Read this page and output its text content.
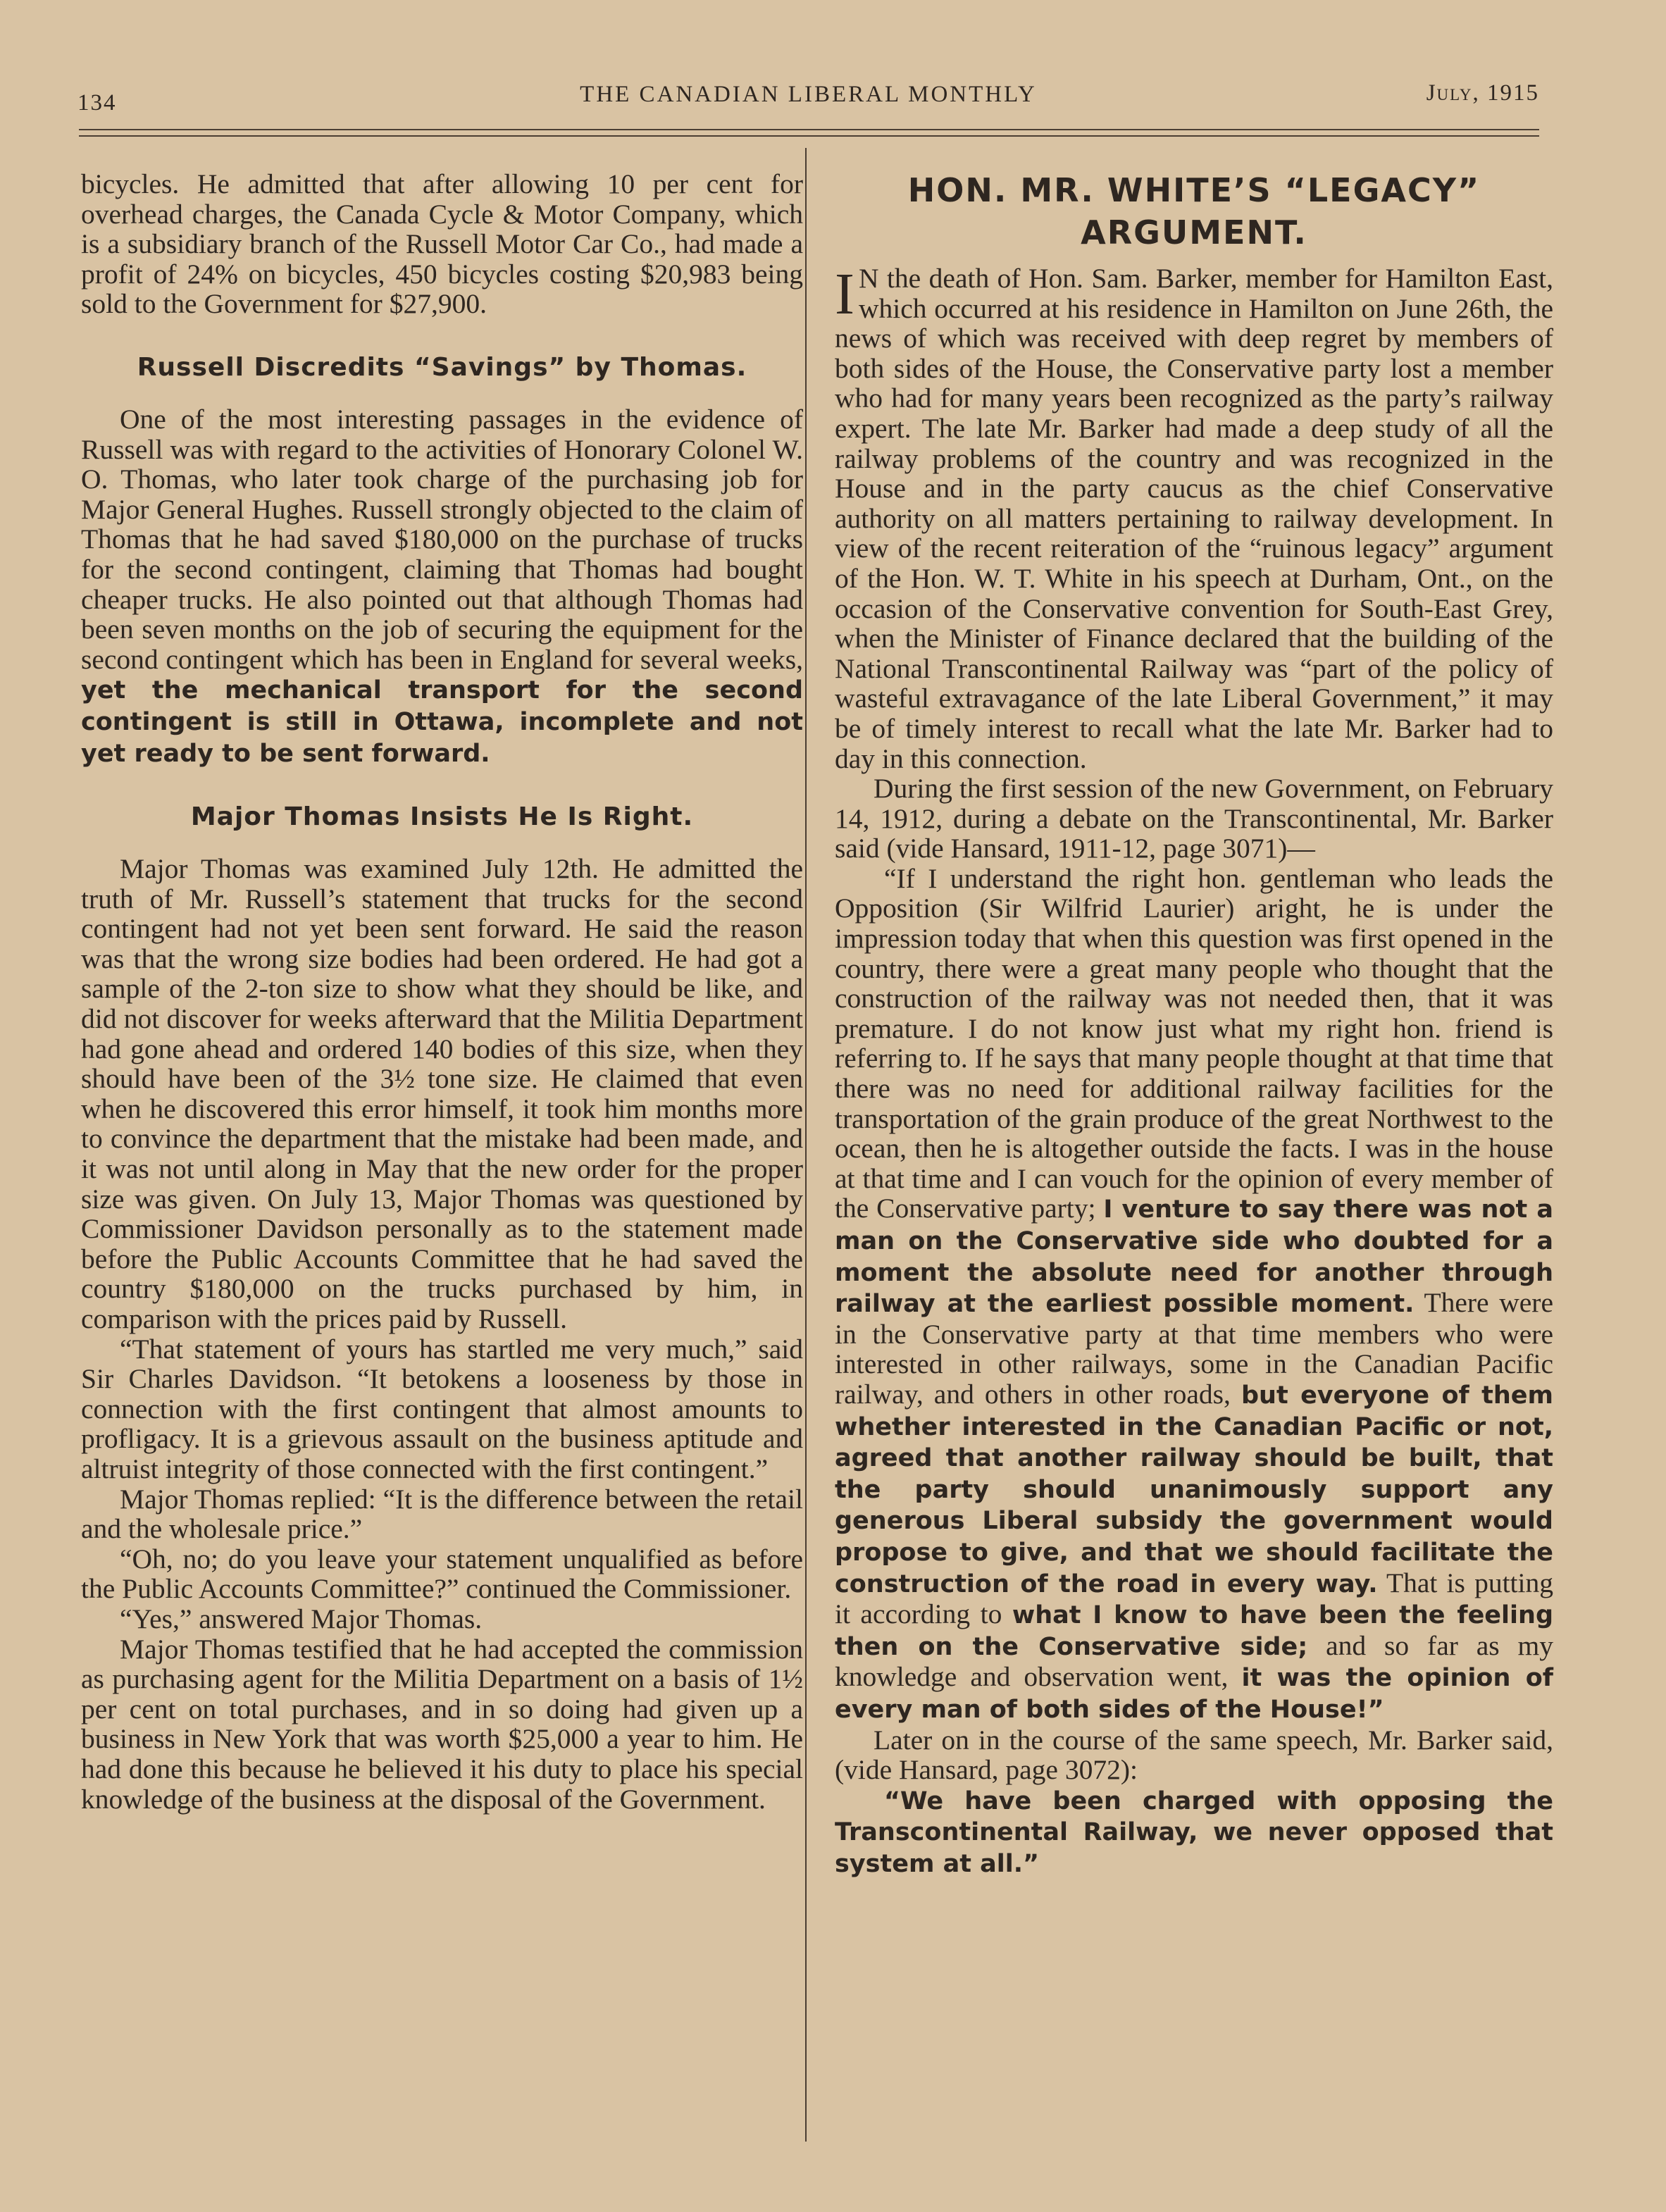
134	THE CANADIAN LIBERAL MONTHLY	July, 1915

bicycles. He admitted that after allowing 10 per cent for overhead charges, the Canada Cycle & Motor Company, which is a subsidiary branch of the Russell Motor Car Co., had made a profit of 24% on bicycles, 450 bicycles costing $20,983 being sold to the Government for $27,900.

Russell Discredits “Savings” by Thomas.

One of the most interesting passages in the evidence of Russell was with regard to the activities of Honorary Colonel W. O. Thomas, who later took charge of the purchasing job for Major General Hughes. Russell strongly objected to the claim of Thomas that he had saved $180,000 on the purchase of trucks for the second contingent, claiming that Thomas had bought cheaper trucks. He also pointed out that although Thomas had been seven months on the job of securing the equipment for the second contingent which has been in England for several weeks, yet the mechanical transport for the second contingent is still in Ottawa, incomplete and not yet ready to be sent forward.

Major Thomas Insists He Is Right.

Major Thomas was examined July 12th. He admitted the truth of Mr. Russell’s statement that trucks for the second contingent had not yet been sent forward. He said the reason was that the wrong size bodies had been ordered. He had got a sample of the 2-ton size to show what they should be like, and did not discover for weeks afterward that the Militia Department had gone ahead and ordered 140 bodies of this size, when they should have been of the 3½ tone size. He claimed that even when he discovered this error himself, it took him months more to convince the department that the mistake had been made, and it was not until along in May that the new order for the proper size was given. On July 13, Major Thomas was questioned by Commissioner Davidson personally as to the statement made before the Public Accounts Committee that he had saved the country $180,000 on the trucks purchased by him, in comparison with the prices paid by Russell.

“That statement of yours has startled me very much,” said Sir Charles Davidson. “It betokens a looseness by those in connection with the first contingent that almost amounts to profligacy. It is a grievous assault on the business aptitude and altruist integrity of those connected with the first contingent.”

Major Thomas replied: “It is the difference between the retail and the wholesale price.”

“Oh, no; do you leave your statement unqualified as before the Public Accounts Committee?” continued the Commissioner.

“Yes,” answered Major Thomas.

Major Thomas testified that he had accepted the commission as purchasing agent for the Militia Department on a basis of 1½ per cent on total purchases, and in so doing had given up a business in New York that was worth $25,000 a year to him. He had done this because he believed it his duty to place his special knowledge of the business at the disposal of the Government.

HON. MR. WHITE’S “LEGACY” ARGUMENT.

I N the death of Hon. Sam. Barker, member for Hamilton East, which occurred at his residence in Hamilton on June 26th, the news of which was received with deep regret by members of both sides of the House, the Conservative party lost a member who had for many years been recognized as the party’s railway expert. The late Mr. Barker had made a deep study of all the railway problems of the country and was recognized in the House and in the party caucus as the chief Conservative authority on all matters pertaining to railway development. In view of the recent reiteration of the “ruinous legacy” argument of the Hon. W. T. White in his speech at Durham, Ont., on the occasion of the Conservative convention for South-East Grey, when the Minister of Finance declared that the building of the National Transcontinental Railway was “part of the policy of wasteful extravagance of the late Liberal Government,” it may be of timely interest to recall what the late Mr. Barker had to day in this connection.

During the first session of the new Government, on February 14, 1912, during a debate on the Transcontinental, Mr. Barker said (vide Hansard, 1911-12, page 3071)—

“If I understand the right hon. gentleman who leads the Opposition (Sir Wilfrid Laurier) aright, he is under the impression today that when this question was first opened in the country, there were a great many people who thought that the construction of the railway was not needed then, that it was premature. I do not know just what my right hon. friend is referring to. If he says that many people thought at that time that there was no need for additional railway facilities for the transportation of the grain produce of the great Northwest to the ocean, then he is altogether outside the facts. I was in the house at that time and I can vouch for the opinion of every member of the Conservative party; I venture to say there was not a man on the Conservative side who doubted for a moment the absolute need for another through railway at the earliest possible moment. There were in the Conservative party at that time members who were interested in other railways, some in the Canadian Pacific railway, and others in other roads, but everyone of them whether interested in the Canadian Pacific or not, agreed that another railway should be built, that the party should unanimously support any generous Liberal subsidy the government would propose to give, and that we should facilitate the construction of the road in every way. That is putting it according to what I know to have been the feeling then on the Conservative side; and so far as my knowledge and observation went, it was the opinion of every man of both sides of the House!”

Later on in the course of the same speech, Mr. Barker said, (vide Hansard, page 3072):

“We have been charged with opposing the Transcontinental Railway, we never opposed that system at all.”
